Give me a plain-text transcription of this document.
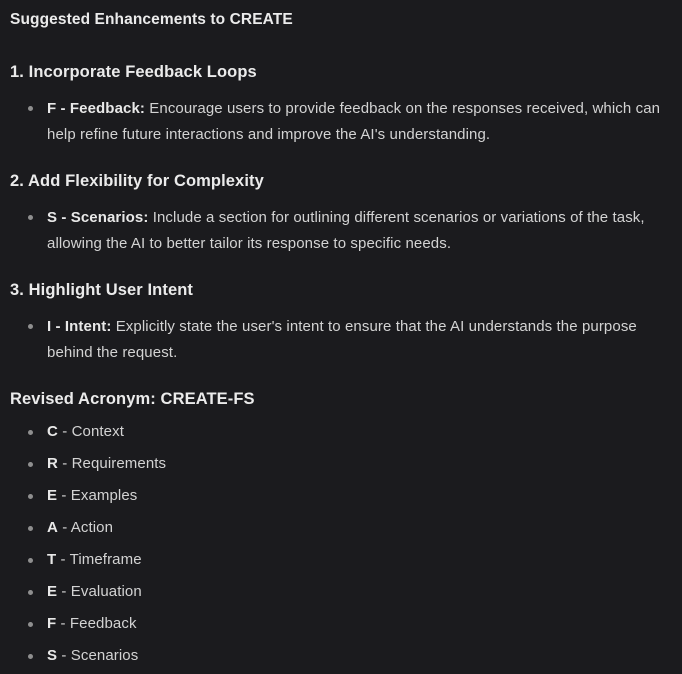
Suggested Enhancements to CREATE
1. Incorporate Feedback Loops

F - Feedback: Encourage users to provide feedback on the responses received, which can help refine future interactions and improve the AI's understanding.

2. Add Flexibility for Complexity

S - Scenarios: Include a section for outlining different scenarios or variations of the task, allowing the AI to better tailor its response to specific needs.

3. Highlight User Intent

I - Intent: Explicitly state the user's intent to ensure that the AI understands the purpose behind the request.

Revised Acronym: CREATE-FS

C - Context

R - Requirements

E - Examples

A - Action

T - Timeframe

E - Evaluation

F - Feedback

S - Scenarios
